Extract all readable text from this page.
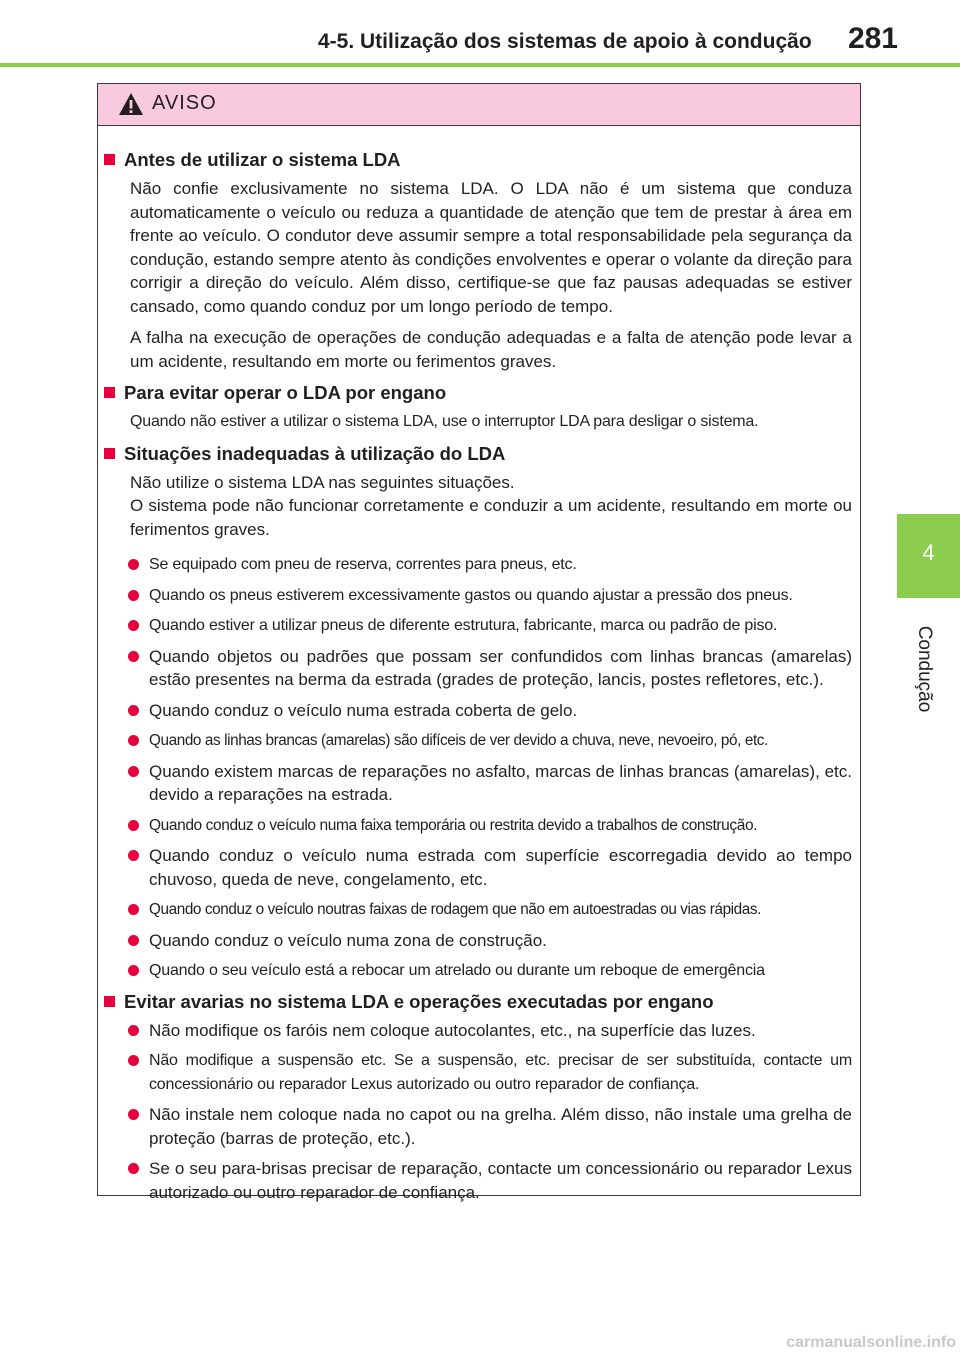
4-5. Utilização dos sistemas de apoio à condução	281
4
Condução
AVISO
Antes de utilizar o sistema LDA
Não confie exclusivamente no sistema LDA. O LDA não é um sistema que conduza automaticamente o veículo ou reduza a quantidade de atenção que tem de prestar à área em frente ao veículo. O condutor deve assumir sempre a total responsabilidade pela segurança da condução, estando sempre atento às condições envolventes e operar o volante da direção para corrigir a direção do veículo. Além disso, certifique-se que faz pausas adequadas se estiver cansado, como quando conduz por um longo período de tempo.
A falha na execução de operações de condução adequadas e a falta de atenção pode levar a um acidente, resultando em morte ou ferimentos graves.
Para evitar operar o LDA por engano
Quando não estiver a utilizar o sistema LDA, use o interruptor LDA para desligar o sistema.
Situações inadequadas à utilização do LDA
Não utilize o sistema LDA nas seguintes situações.
O sistema pode não funcionar corretamente e conduzir a um acidente, resultando em morte ou ferimentos graves.
Se equipado com pneu de reserva, correntes para pneus, etc.
Quando os pneus estiverem excessivamente gastos ou quando ajustar a pressão dos pneus.
Quando estiver a utilizar pneus de diferente estrutura, fabricante, marca ou padrão de piso.
Quando objetos ou padrões que possam ser confundidos com linhas brancas (amarelas) estão presentes na berma da estrada (grades de proteção, lancis, postes refletores, etc.).
Quando conduz o veículo numa estrada coberta de gelo.
Quando as linhas brancas (amarelas) são difíceis de ver devido a chuva, neve, nevoeiro, pó, etc.
Quando existem marcas de reparações no asfalto, marcas de linhas brancas (amarelas), etc. devido a reparações na estrada.
Quando conduz o veículo numa faixa temporária ou restrita devido a trabalhos de construção.
Quando conduz o veículo numa estrada com superfície escorregadia devido ao tempo chuvoso, queda de neve, congelamento, etc.
Quando conduz o veículo noutras faixas de rodagem que não em autoestradas ou vias rápidas.
Quando conduz o veículo numa zona de construção.
Quando o seu veículo está a rebocar um atrelado ou durante um reboque de emergência
Evitar avarias no sistema LDA e operações executadas por engano
Não modifique os faróis nem coloque autocolantes, etc., na superfície das luzes.
Não modifique a suspensão etc. Se a suspensão, etc. precisar de ser substituída, contacte um concessionário ou reparador Lexus autorizado ou outro reparador de confiança.
Não instale nem coloque nada no capot ou na grelha. Além disso, não instale uma grelha de proteção (barras de proteção, etc.).
Se o seu para-brisas precisar de reparação, contacte um concessionário ou reparador Lexus autorizado ou outro reparador de confiança.
carmanualsonline.info
